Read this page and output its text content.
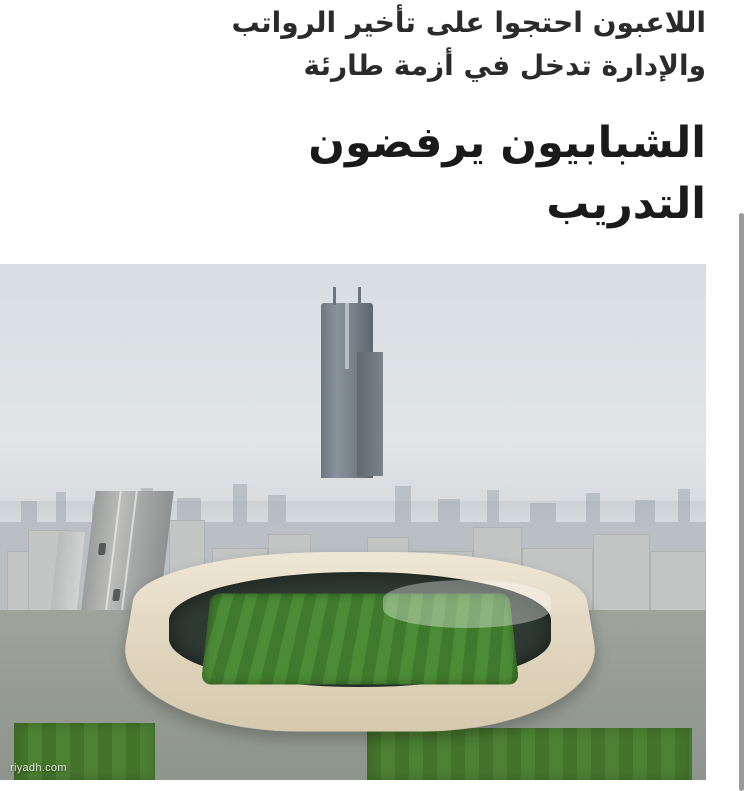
اللاعبون احتجوا على تأخير الرواتب
والإدارة تدخل في أزمة طارئة
الشبابيون يرفضون
التدريب
riyadh.com
